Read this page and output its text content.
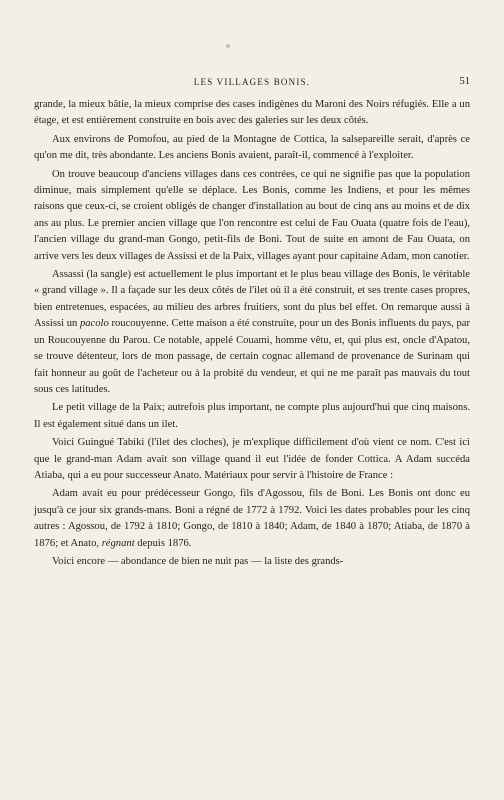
LES VILLAGES BONIS.	51

grande, la mieux bâtie, la mieux comprise des cases indigènes du Maroni des Noirs réfugiés. Elle a un étage, et est entièrement construite en bois avec des galeries sur les deux côtés.

Aux environs de Pomofou, au pied de la Montagne de Cottica, la salsepareille serait, d'après ce qu'on me dit, très abondante. Les anciens Bonis avaient, paraît-il, commencé à l'exploiter.

On trouve beaucoup d'anciens villages dans ces contrées, ce qui ne signifie pas que la population diminue, mais simplement qu'elle se déplace. Les Bonis, comme les Indiens, et pour les mêmes raisons que ceux-ci, se croient obligés de changer d'installation au bout de cinq ans au moins et de dix ans au plus. Le premier ancien village que l'on rencontre est celui de Fau Ouata (quatre fois de l'eau), l'ancien village du grand-man Gongo, petit-fils de Boni. Tout de suite en amont de Fau Ouata, on arrive vers les deux villages de Assissi et de la Paix, villages ayant pour capitaine Adam, mon canotier.

Assassi (la sangle) est actuellement le plus important et le plus beau village des Bonis, le véritable « grand village ». Il a façade sur les deux côtés de l'ilet où il a été construit, et ses trente cases propres, bien entretenues, espacées, au milieu des arbres fruitiers, sont du plus bel effet. On remarque aussi à Assissi un pacolo roucouyenne. Cette maison a été construite, pour un des Bonis influents du pays, par un Roucouyenne du Parou. Ce notable, appelé Couami, homme vêtu, et, qui plus est, oncle d'Apatou, se trouve détenteur, lors de mon passage, de certain cognac allemand de provenance de Surinam qui fait honneur au goût de l'acheteur ou à la probité du vendeur, et qui ne me paraît pas mauvais du tout sous ces latitudes.

Le petit village de la Paix; autrefois plus important, ne compte plus aujourd'hui que cinq maisons. Il est également situé dans un ilet.

Voici Guingué Tabiki (l'ilet des cloches), je m'explique difficilement d'où vient ce nom. C'est ici que le grand-man Adam avait son village quand il eut l'idée de fonder Cottica. A Adam succéda Atiaba, qui a eu pour successeur Anato. Matériaux pour servir à l'histoire de France :

Adam avait eu pour prédécesseur Gongo, fils d'Agossou, fils de Boni. Les Bonis ont donc eu jusqu'à ce jour six grands-mans. Boni a régné de 1772 à 1792. Voici les dates probables pour les cinq autres : Agossou, de 1792 à 1810; Gongo, de 1810 à 1840; Adam, de 1840 à 1870; Atiaba, de 1870 à 1876; et Anato, régnant depuis 1876.

Voici encore — abondance de bien ne nuit pas — la liste des grands-
